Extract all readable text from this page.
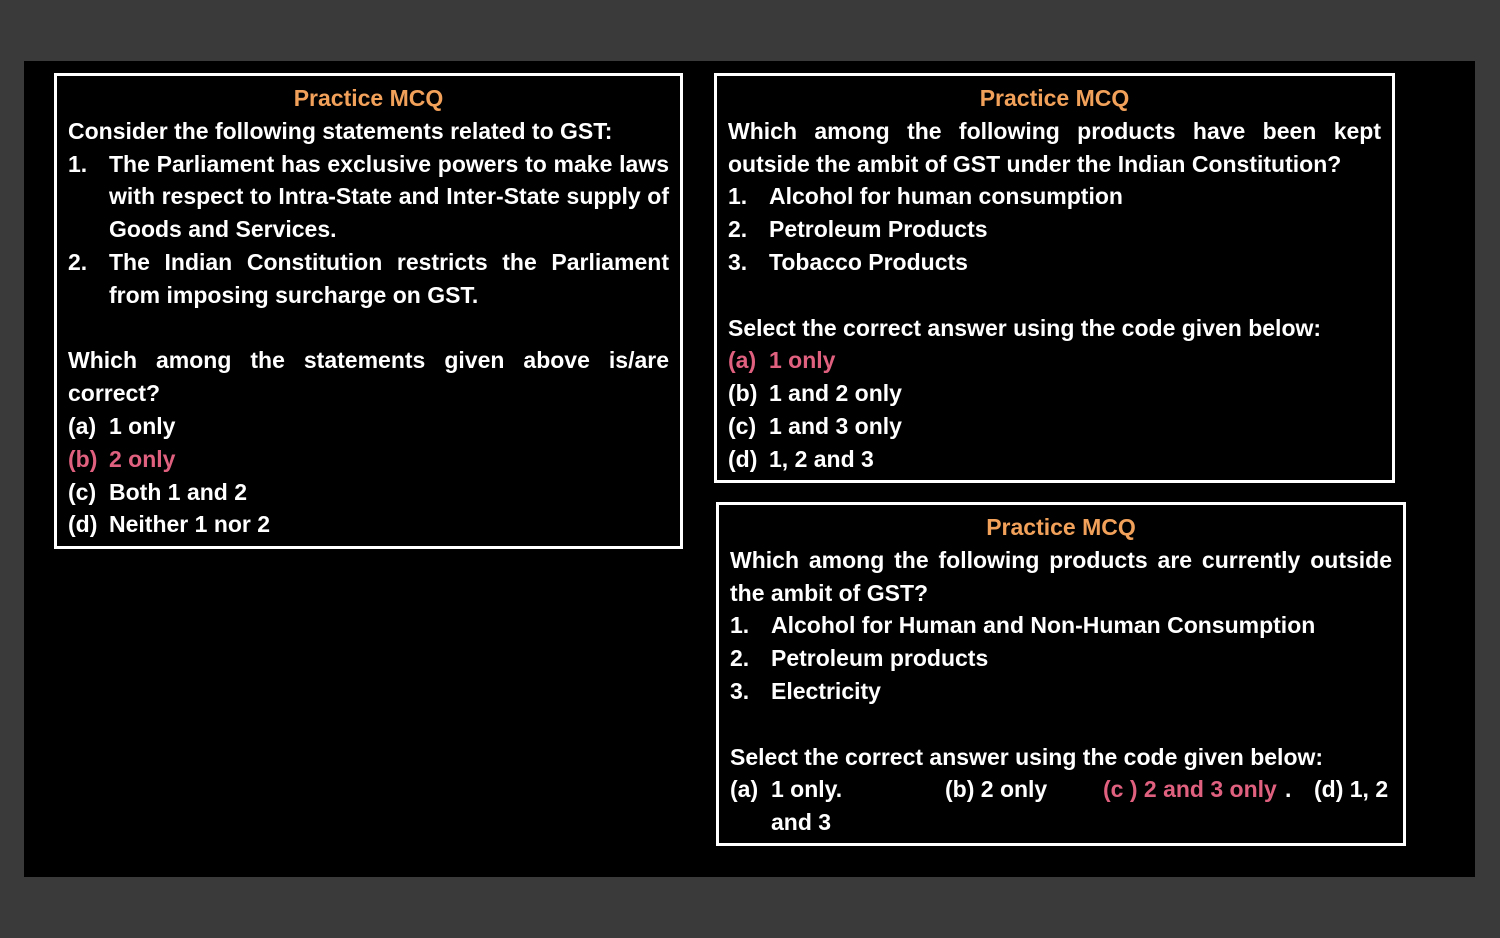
Practice MCQ
Consider the following statements related to GST:
1. The Parliament has exclusive powers to make laws with respect to Intra-State and Inter-State supply of Goods and Services.
2. The Indian Constitution restricts the Parliament from imposing surcharge on GST.
Which among the statements given above is/are correct?
(a) 1 only
(b) 2 only
(c) Both 1 and 2
(d) Neither 1 nor 2
Practice MCQ
Which among the following products have been kept outside the ambit of GST under the Indian Constitution?
1. Alcohol for human consumption
2. Petroleum Products
3. Tobacco Products
Select the correct answer using the code given below:
(a) 1 only
(b) 1 and 2 only
(c) 1 and 3 only
(d) 1, 2 and 3
Practice MCQ
Which among the following products are currently outside the ambit of GST?
1. Alcohol for Human and Non-Human Consumption
2. Petroleum products
3. Electricity
Select the correct answer using the code given below:
(a) 1 only.	(b) 2 only (c ) 2 and 3 only . (d) 1, 2
and 3
